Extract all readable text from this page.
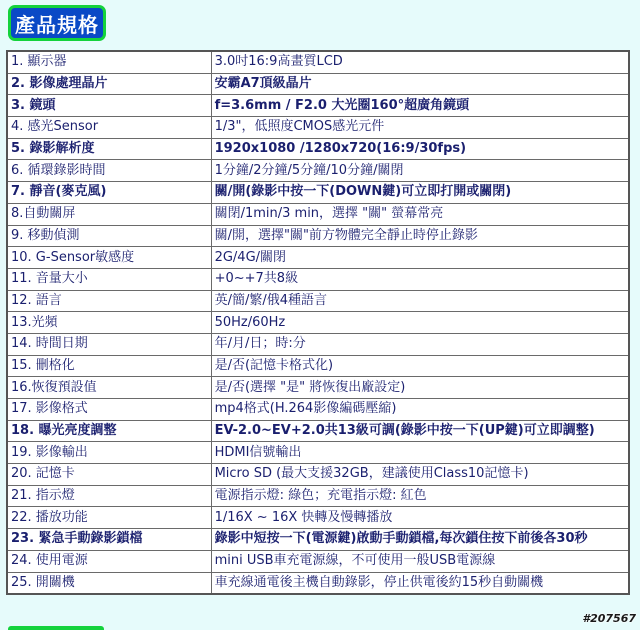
產品規格
1. 顯示器	3.0吋16:9高畫質LCD
2. 影像處理晶片	安霸A7頂級晶片
3. 鏡頭	f=3.6mm / F2.0 大光圈160°超廣角鏡頭
4. 感光Sensor	1/3"，低照度CMOS感光元件
5. 錄影解析度	1920x1080 /1280x720(16:9/30fps)
6. 循環錄影時間	1分鐘/2分鐘/5分鐘/10分鐘/關閉
7. 靜音(麥克風)	關/開(錄影中按一下(DOWN鍵)可立即打開或關閉)
8.自動關屏	關閉/1min/3 min，選擇 "關" 螢幕常亮
9. 移動偵測	關/開，選擇"關"前方物體完全靜止時停止錄影
10. G-Sensor敏感度	2G/4G/關閉
11. 音量大小	+0~+7共8級
12. 語言	英/簡/繁/俄4種語言
13.光頻	50Hz/60Hz
14. 時間日期	年/月/日；時:分
15. 刪格化	是/否(記憶卡格式化)
16.恢復預設值	是/否(選擇 "是" 將恢復出廠設定)
17. 影像格式	mp4格式(H.264影像編碼壓縮)
18. 曝光亮度調整	EV-2.0~EV+2.0共13級可調(錄影中按一下(UP鍵)可立即調整)
19. 影像輸出	HDMI信號輸出
20. 記憶卡	Micro SD (最大支援32GB，建議使用Class10記憶卡)
21. 指示燈	電源指示燈: 綠色；充電指示燈: 紅色
22. 播放功能	1/16X ~ 16X 快轉及慢轉播放
23. 緊急手動錄影鎖檔	錄影中短按一下(電源鍵)啟動手動鎖檔,每次鎖住按下前後各30秒
24. 使用電源	mini USB車充電源線，不可使用一般USB電源線
25. 開關機	車充線通電後主機自動錄影，停止供電後約15秒自動關機
#207567
